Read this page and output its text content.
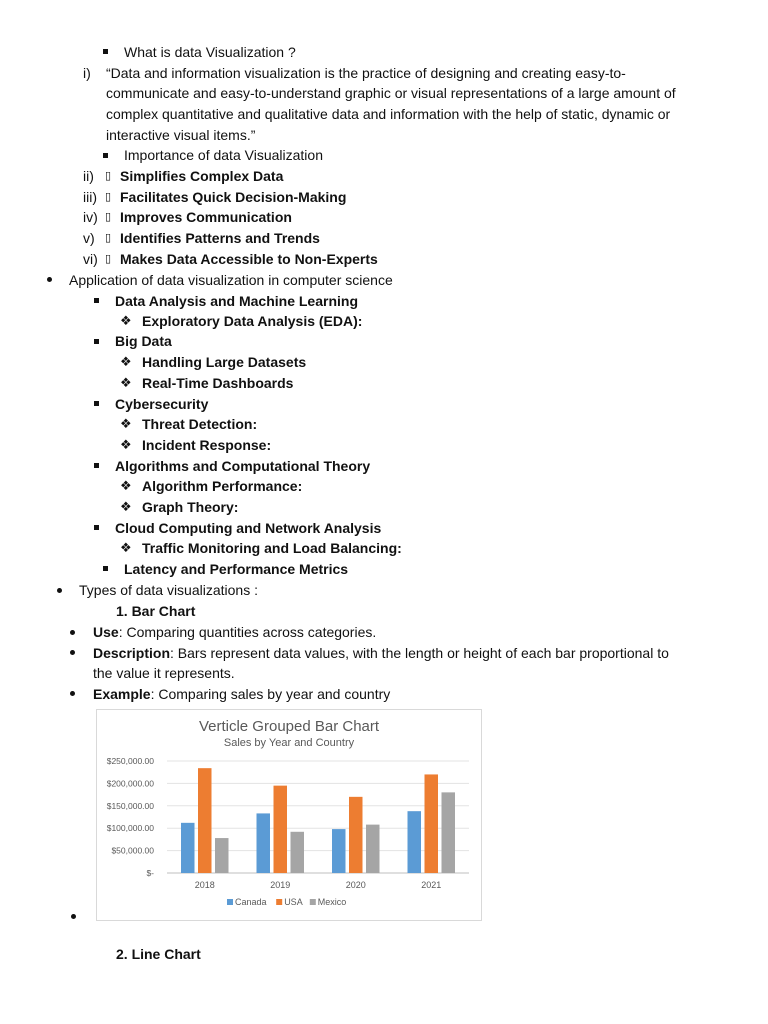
What is data Visualization ?
i) “Data and information visualization is the practice of designing and creating easy-to-
communicate and easy-to-understand graphic or visual representations of a large amount of
complex quantitative and qualitative data and information with the help of static, dynamic or
interactive visual items.”
Importance of data Visualization
ii) ▯ Simplifies Complex Data
iii) ▯ Facilitates Quick Decision-Making
iv) ▯ Improves Communication
v) ▯ Identifies Patterns and Trends
vi) ▯ Makes Data Accessible to Non-Experts
Application of data visualization in computer science
Data Analysis and Machine Learning
❖ Exploratory Data Analysis (EDA):
Big Data
❖ Handling Large Datasets
❖ Real-Time Dashboards
Cybersecurity
❖ Threat Detection:
❖ Incident Response:
Algorithms and Computational Theory
❖ Algorithm Performance:
❖ Graph Theory:
Cloud Computing and Network Analysis
❖ Traffic Monitoring and Load Balancing:
Latency and Performance Metrics
Types of data visualizations :
1. Bar Chart
Use: Comparing quantities across categories.
Description: Bars represent data values, with the length or height of each bar proportional to
the value it represents.
Example: Comparing sales by year and country
Verticle Grouped Bar Chart
Sales by Year and Country
$-
$50,000.00
$100,000.00
$150,000.00
$200,000.00
$250,000.00
2018	2019	2020	2021
Canada USA Mexico
2. Line Chart
